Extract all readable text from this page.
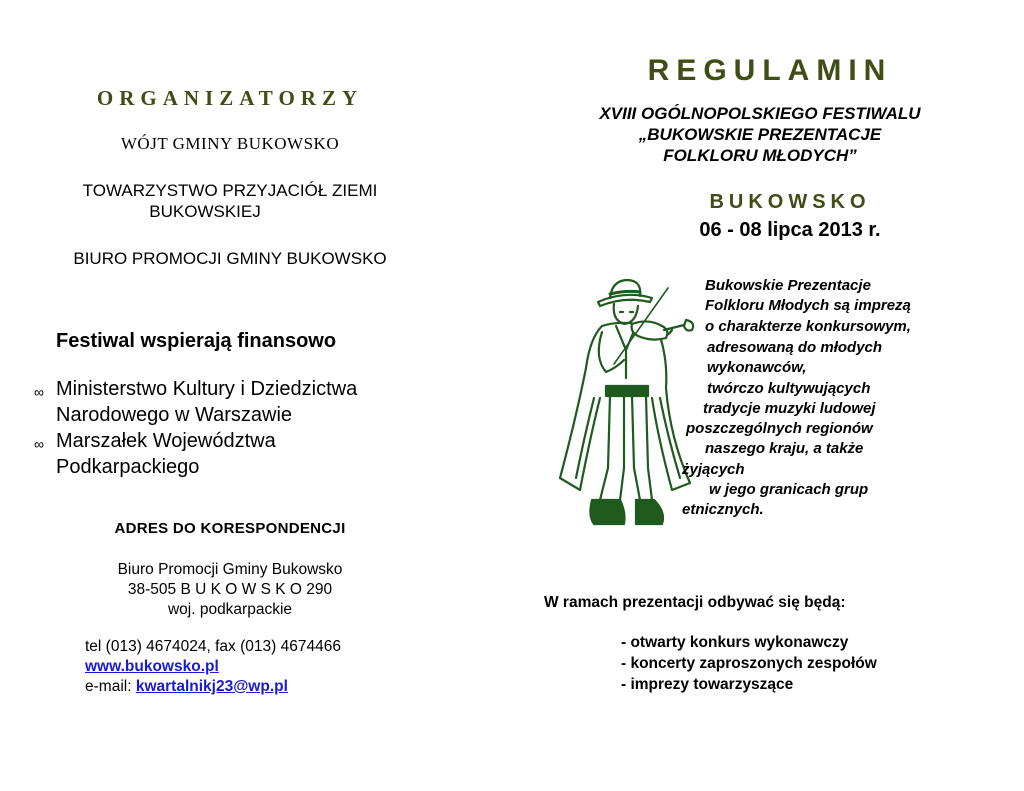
ORGANIZATORZY
WÓJT GMINY BUKOWSKO
TOWARZYSTWO PRZYJACIÓŁ ZIEMI
BUKOWSKIEJ
BIURO PROMOCJI GMINY BUKOWSKO
Festiwal wspierają finansowo
∞ Ministerstwo Kultury i Dziedzictwa
Narodowego w Warszawie
∞ Marszałek Województwa
Podkarpackiego
ADRES DO KORESPONDENCJI
Biuro Promocji Gminy Bukowsko
38-505 B U K O W S K O 290
woj. podkarpackie
tel (013) 4674024, fax (013) 4674466
www.bukowsko.pl
e-mail: kwartalnikj23@wp.pl
REGULAMIN
XVIII OGÓLNOPOLSKIEGO FESTIWALU
„BUKOWSKIE PREZENTACJE
FOLKLORU MŁODYCH”
BUKOWSKO
06 - 08 lipca 2013 r.
Bukowskie Prezentacje
Folkloru Młodych są imprezą
o charakterze konkursowym,
adresowaną do młodych
wykonawców,
twórczo kultywujących
tradycje muzyki ludowej
poszczególnych regionów
naszego kraju, a także
żyjących
w jego granicach grup
etnicznych.
W ramach prezentacji odbywać się będą:
- otwarty konkurs wykonawczy
- koncerty zaproszonych zespołów
- imprezy towarzyszące
